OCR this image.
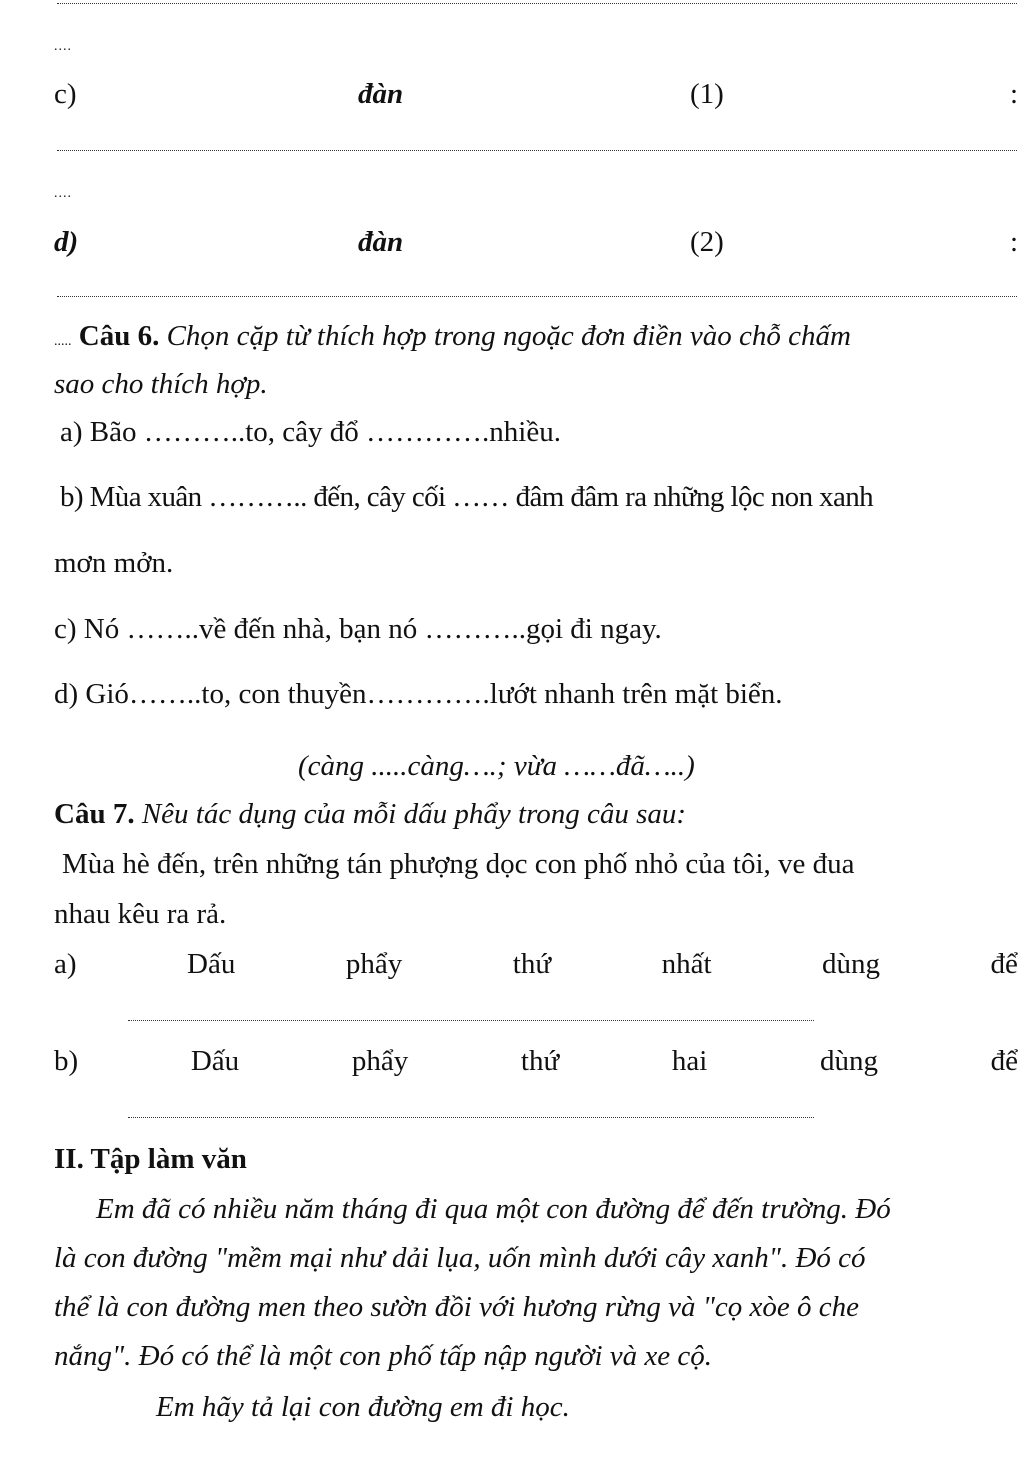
....
c)	đàn	(1)	:
....
d)	đàn	(2)	:
..... Câu 6. Chọn cặp từ thích hợp trong ngoặc đơn điền vào chỗ chấm
sao cho thích hợp.
a) Bão ………..to, cây đổ ………….nhiều.
b) Mùa xuân ……….. đến, cây cối …… đâm đâm ra những lộc non xanh
mơn mởn.
c) Nó ……..về đến nhà, bạn nó ………..gọi đi ngay.
d) Gió……..to, con thuyền………….lướt nhanh trên mặt biển.
(càng .....càng….; vừa ……đã…..)
Câu 7. Nêu tác dụng của mỗi dấu phẩy trong câu sau:
Mùa hè đến, trên những tán phượng dọc con phố nhỏ của tôi, ve đua
nhau kêu ra rả.
a)	Dấu	phẩy	thứ	nhất	dùng	để
b)	Dấu	phẩy	thứ	hai	dùng	để
II. Tập làm văn
Em đã có nhiều năm tháng đi qua một con đường để đến trường. Đó
là con đường "mềm mại như dải lụa, uốn mình dưới cây xanh". Đó có
thể là con đường men theo sườn đồi với hương rừng và "cọ xòe ô che
nắng". Đó có thể là một con phố tấp nập người và xe cộ.
Em hãy tả lại con đường em đi học.
